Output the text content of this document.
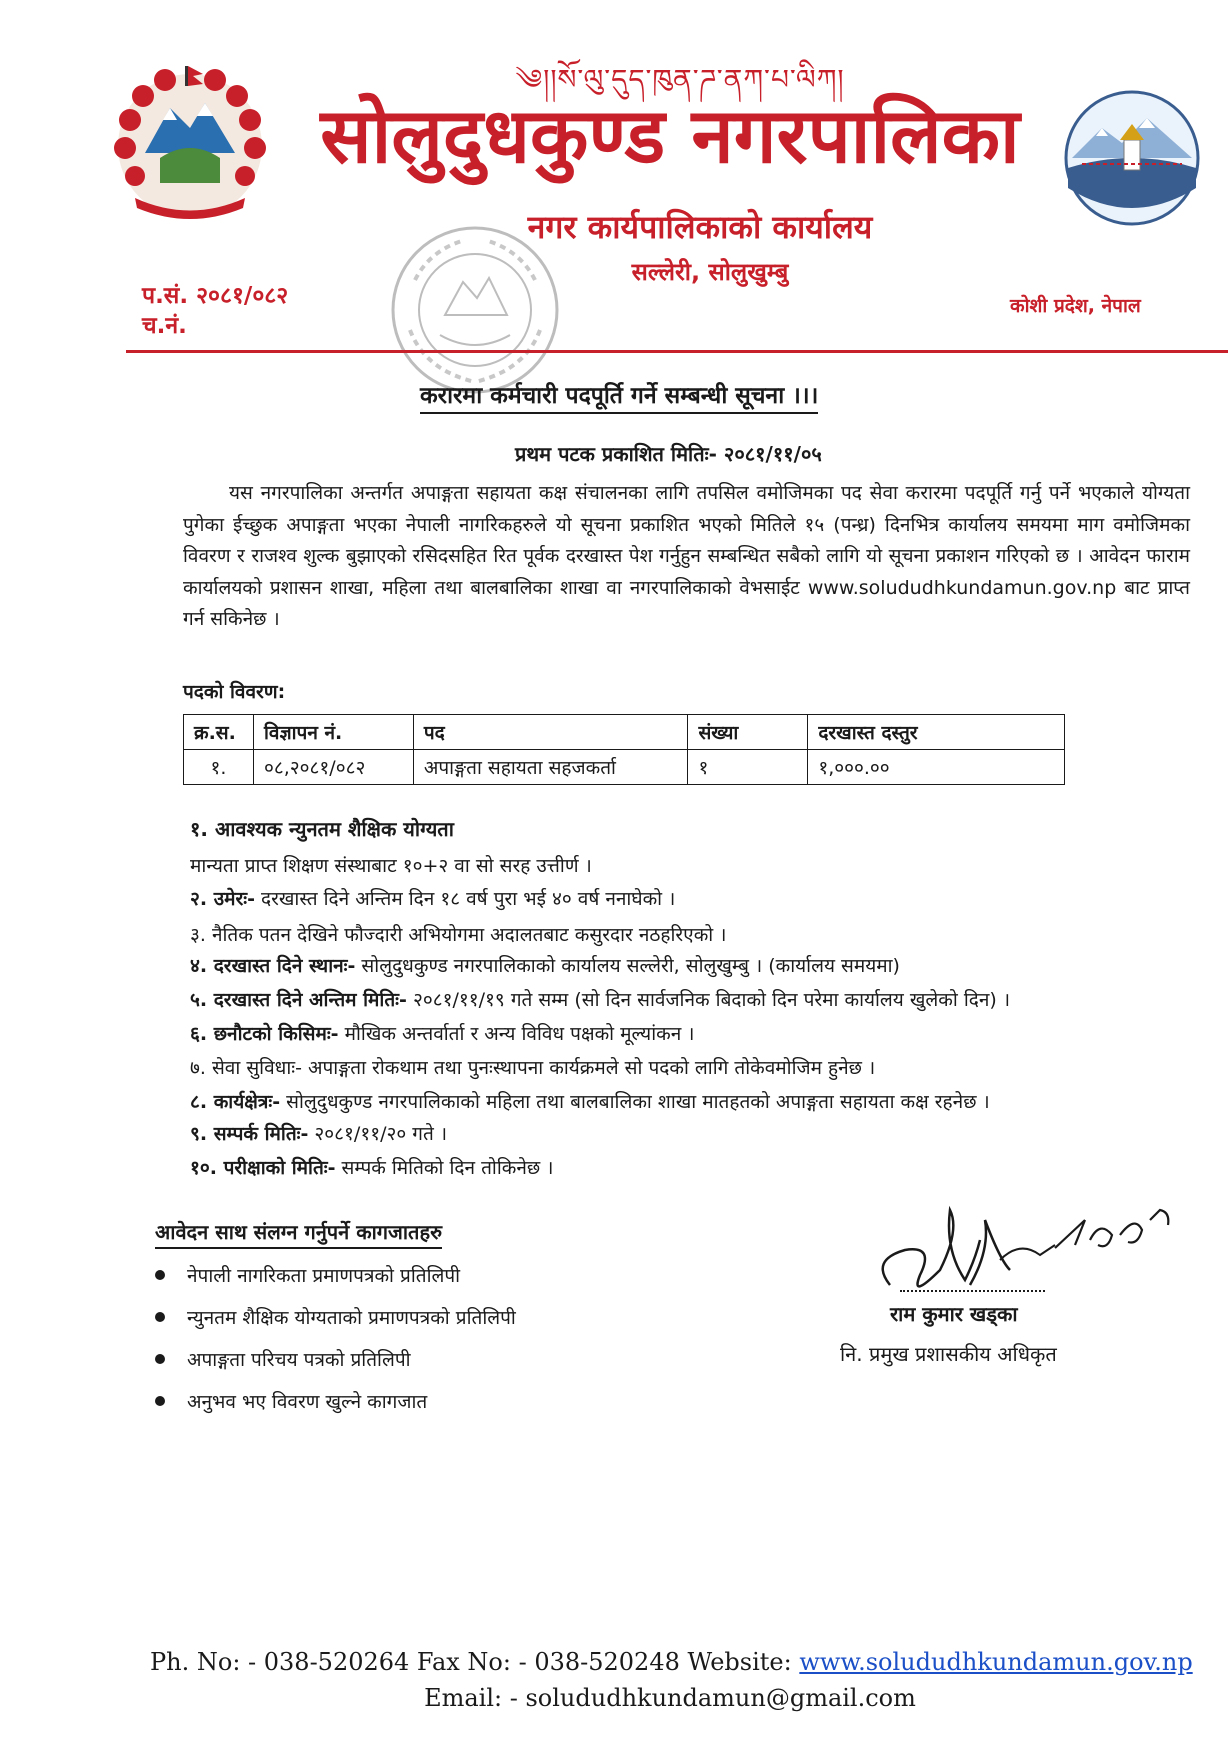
༄།།སོ་ལུ་དུད་ཁུན་ཌ་ནཀ་པ་ལིཀ།
सोलुदुधकुण्ड नगरपालिका
नगर कार्यपालिकाको कार्यालय
सल्लेरी, सोलुखुम्बु
प.सं. २०८१/०८२
च.नं.
कोशी प्रदेश, नेपाल
करारमा कर्मचारी पदपूर्ति गर्ने सम्बन्धी सूचना ।।।
प्रथम पटक प्रकाशित मितिः- २०८१/११/०५
यस नगरपालिका अन्तर्गत अपाङ्गता सहायता कक्ष संचालनका लागि तपसिल वमोजिमका पद सेवा करारमा पदपूर्ति गर्नु पर्ने भएकाले योग्यता पुगेका ईच्छुक अपाङ्गता भएका नेपाली नागरिकहरुले यो सूचना प्रकाशित भएको मितिले १५ (पन्ध्र) दिनभित्र कार्यालय समयमा माग वमोजिमका विवरण र राजश्व शुल्क बुझाएको रसिदसहित रित पूर्वक दरखास्त पेश गर्नुहुन सम्बन्धित सबैको लागि यो सूचना प्रकाशन गरिएको छ । आवेदन फाराम कार्यालयको प्रशासन शाखा, महिला तथा बालबालिका शाखा वा नगरपालिकाको वेभसाईट www.solududhkundamun.gov.np बाट प्राप्त गर्न सकिनेछ ।
पदको विवरण:
क्र.स.	विज्ञापन नं.	पद	संख्या	दरखास्त दस्तुर
१.	०८,२०८१/०८२	अपाङ्गता सहायता सहजकर्ता	१	१,०००.००
१. आवश्यक न्युनतम शैक्षिक योग्यता
मान्यता प्राप्त शिक्षण संस्थाबाट १०+२ वा सो सरह उत्तीर्ण ।
२. उमेरः- दरखास्त दिने अन्तिम दिन १८ वर्ष पुरा भई ४० वर्ष ननाघेको ।
३. नैतिक पतन देखिने फौज्दारी अभियोगमा अदालतबाट कसुरदार नठहरिएको ।
४. दरखास्त दिने स्थानः- सोलुदुधकुण्ड नगरपालिकाको कार्यालय सल्लेरी, सोलुखुम्बु । (कार्यालय समयमा)
५. दरखास्त दिने अन्तिम मितिः- २०८१/११/१९ गते सम्म (सो दिन सार्वजनिक बिदाको दिन परेमा कार्यालय खुलेको दिन) ।
६. छनौटको किसिमः- मौखिक अन्तर्वार्ता र अन्य विविध पक्षको मूल्यांकन ।
७. सेवा सुविधाः- अपाङ्गता रोकथाम तथा पुनःस्थापना कार्यक्रमले सो पदको लागि तोकेवमोजिम हुनेछ ।
८. कार्यक्षेत्रः- सोलुदुधकुण्ड नगरपालिकाको महिला तथा बालबालिका शाखा मातहतको अपाङ्गता सहायता कक्ष रहनेछ ।
९. सम्पर्क मितिः- २०८१/११/२० गते ।
१०. परीक्षाको मितिः- सम्पर्क मितिको दिन तोकिनेछ ।
आवेदन साथ संलग्न गर्नुपर्ने कागजातहरु
नेपाली नागरिकता प्रमाणपत्रको प्रतिलिपी
न्युनतम शैक्षिक योग्यताको प्रमाणपत्रको प्रतिलिपी
अपाङ्गता परिचय पत्रको प्रतिलिपी
अनुभव भए विवरण खुल्ने कागजात
राम कुमार खड्का
नि. प्रमुख प्रशासकीय अधिकृत
Ph. No: - 038-520264 Fax No: - 038-520248 Website: www.solududhkundamun.gov.np
Email: - solududhkundamun@gmail.com
